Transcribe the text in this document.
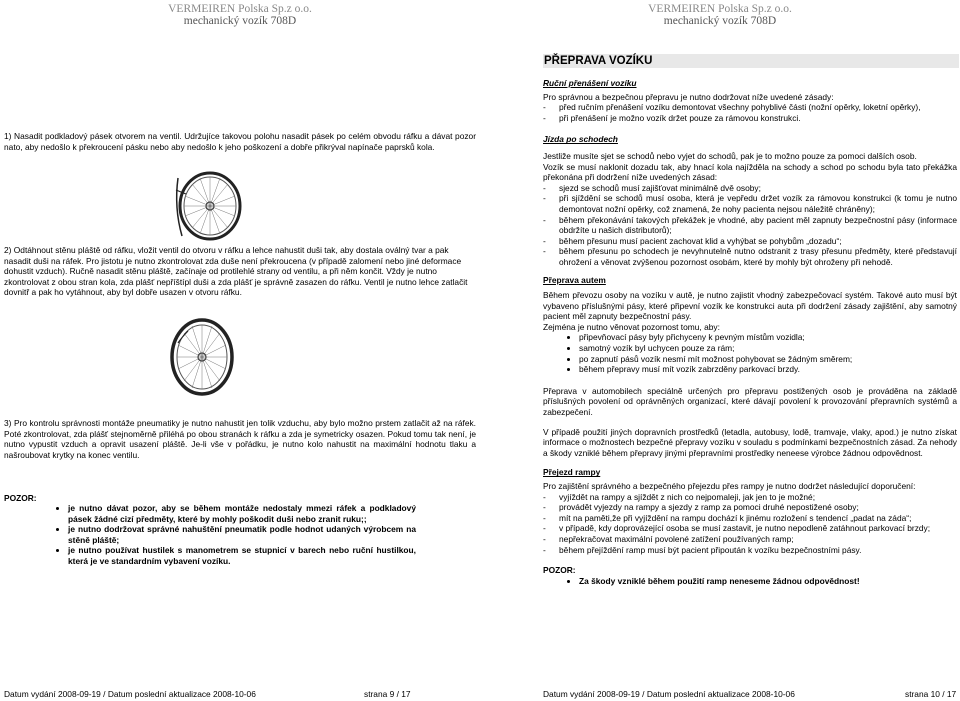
VERMEIREN Polska Sp.z o.o.
mechanický vozík 708D
1) Nasadit podkladový pásek otvorem na ventil. Udržujíce takovou polohu nasadit pásek po celém obvodu ráfku a dávat pozor nato, aby nedošlo k překroucení pásku nebo aby nedošlo k jeho poškození a dobře přikrýval napínače paprsků kola.
2) Odtáhnout stěnu pláště od ráfku, vložit ventil do otvoru v ráfku a lehce nahustit duši tak, aby dostala oválný tvar a pak nasadit duši na ráfek. Pro jistotu je nutno zkontrolovat zda duše není překroucena (v případě zalomení nebo jiné deformace dohustit vzduch). Ručně nasadit stěnu pláště, začínaje od protilehlé strany od ventilu, a při něm končit. Vždy je nutno zkontrolovat z obou stran kola, zda plášť nepříštípl duši a zda plášť je správně zasazen do ráfku. Ventil je nutno lehce zatlačit dovnitř a pak ho vytáhnout, aby byl dobře usazen v otvoru ráfku.
3) Pro kontrolu správnosti montáže pneumatiky je nutno nahustit jen tolik vzduchu, aby bylo možno prstem zatlačit až na ráfek. Poté zkontrolovat, zda plášť stejnoměrně přiléhá po obou stranách k ráfku a zda je symetricky osazen. Pokud tomu tak není, je nutno vypustit vzduch a opravit usazení pláště. Je-li vše v pořádku, je nutno kolo nahustit na maximální hodnotu tlaku a našroubovat krytky na konec ventilu.
POZOR:
• je nutno dávat pozor, aby se během montáže nedostaly mmezi ráfek a podkladový pásek žádné cizí předměty, které by mohly poškodit duši nebo zranit ruku;;
• je nutno dodržovat správné nahuštění pneumatik podle hodnot udaných výrobcem na stěně pláště;
• je nutno používat hustilek s manometrem se stupnicí v barech nebo ruční hustilkou, která je ve standardním vybavení vozíku.
Datum vydání 2008-09-19 / Datum poslední aktualizace 2008-10-06	strana 9 / 17
VERMEIREN Polska Sp.z o.o.
mechanický vozík 708D
PŘEPRAVA VOZÍKU
Ruční přenášení vozíku
Pro správnou a bezpečnou přepravu je nutno dodržovat níže uvedené zásady:
- před ručním přenášení vozíku demontovat všechny pohyblivé části (nožní opěrky, loketní opěrky),
- při přenášení je možno vozík držet pouze za rámovou konstrukci.
Jízda po schodech
Jestliže musíte sjet se schodů nebo vyjet do schodů, pak je to možno pouze za pomoci dalších osob.
Vozík se musí naklonit dozadu tak, aby hnací kola najížděla na schody a schod po schodu byla tato překážka překonána při dodržení níže uvedených zásad:
- sjezd se schodů musí zajišťovat minimálně dvě osoby;
- při sjíždění se schodů musí osoba, která je vepředu držet vozík za rámovou konstrukci (k tomu je nutno demontovat nožní opěrky, což znamená, že nohy pacienta nejsou náležitě chráněny);
- během překonávání takových překážek je vhodné, aby pacient měl zapnuty bezpečnostní pásy (informace obdržíte u našich distributorů);
- během přesunu musí pacient zachovat klid a vyhýbat se pohybům „dozadu“;
- během přesunu po schodech je nevyhnutelně nutno odstranit z trasy přesunu předměty, které představují ohrožení a věnovat zvýšenou pozornost osobám, které by mohly být ohroženy při nehodě.
Přeprava autem
Během převozu osoby na vozíku v autě, je nutno zajistit vhodný zabezpečovací systém. Takové auto musí být vybaveno příslušnými pásy, které připevní vozík ke konstrukci auta při dodržení zásady zajištění, aby samotný pacient měl zapnuty bezpečnostní pásy.
Zejména je nutno věnovat pozornost tomu, aby:
• připevňovací pásy byly přichyceny k pevným místům vozidla;
• samotný vozík byl uchycen pouze za rám;
• po zapnutí pásů vozík nesmí mít možnost pohybovat se žádným směrem;
• během přepravy musí mít vozík zabrzděny parkovací brzdy.
Přeprava v automobilech speciálně určených pro přepravu postižených osob je prováděna na základě příslušných povolení od oprávněných organizací, které dávají povolení k provozování přepravních systémů a zabezpečení.
V případě použití jiných dopravních prostředků (letadla, autobusy, lodě, tramvaje, vlaky, apod.) je nutno získat informace o možnostech bezpečné přepravy vozíku v souladu s podmínkami bezpečnostních zásad. Za nehody a škody vzniklé během přepravy jinými přepravními prostředky neneese výrobce žádnou odpovědnost.
Přejezd rampy
Pro zajištění správného a bezpečného přejezdu přes rampy je nutno dodržet následující doporučení:
- vyjíždět na rampy a sjíždět z nich co nejpomaleji, jak jen to je možné;
- provádět vyjezdy na rampy a sjezdy z ramp za pomoci druhé nepostižené osoby;
- mít na paměti,že při vyjíždění na rampu dochází k jinému rozložení s tendencí „padat na záda“;
- v případě, kdy doprovázející osoba se musí zastavit, je nutno nepodleně zatáhnout parkovací brzdy;
- nepřekračovat maximální povolené zatížení používaných ramp;
- během přejíždění ramp musí být pacient připoután k vozíku bezpečnostními pásy.
POZOR:
• Za škody vzniklé během použití ramp neneseme žádnou odpovědnost!
Datum vydání 2008-09-19 / Datum poslední aktualizace 2008-10-06	strana 10 / 17
